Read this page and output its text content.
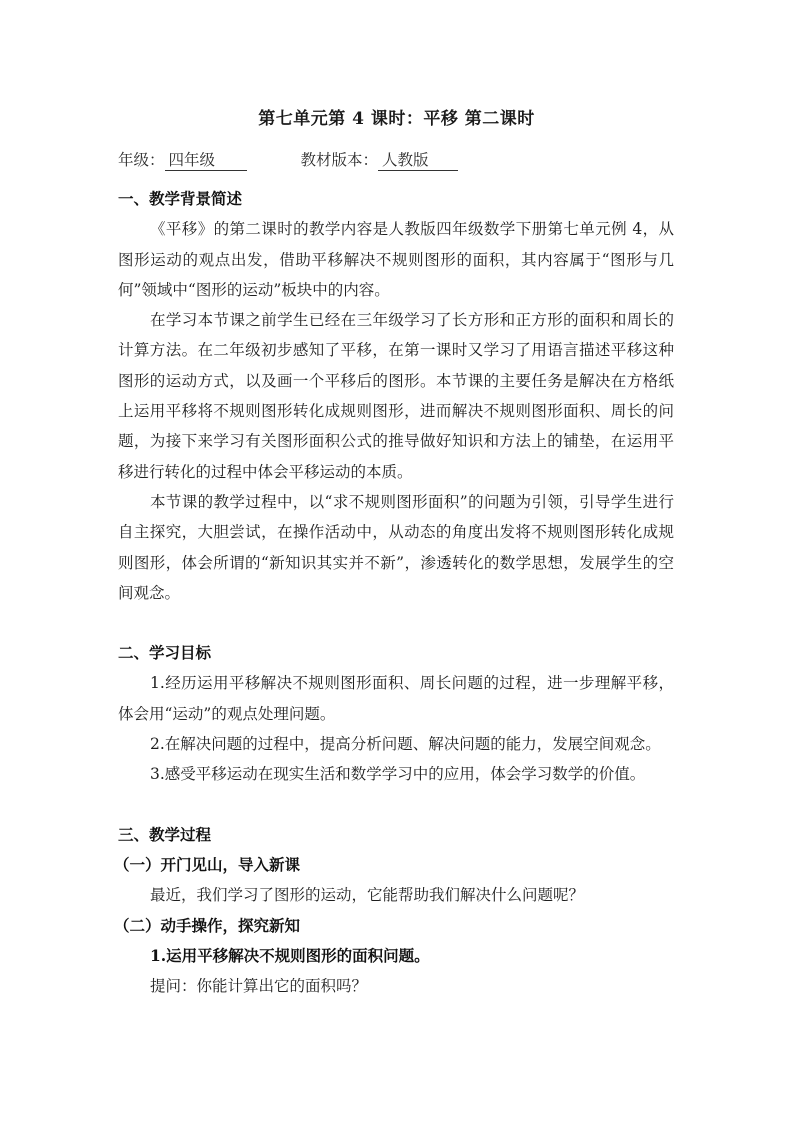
第七单元第 4 课时：平移 第二课时
年级： 四年级	教材版本： 人教版

一、教学背景简述

《平移》的第二课时的教学内容是人教版四年级数学下册第七单元例 4，从图形运动的观点出发，借助平移解决不规则图形的面积，其内容属于“图形与几何”领域中“图形的运动”板块中的内容。

在学习本节课之前学生已经在三年级学习了长方形和正方形的面积和周长的计算方法。在二年级初步感知了平移，在第一课时又学习了用语言描述平移这种图形的运动方式，以及画一个平移后的图形。本节课的主要任务是解决在方格纸上运用平移将不规则图形转化成规则图形，进而解决不规则图形面积、周长的问题，为接下来学习有关图形面积公式的推导做好知识和方法上的铺垫，在运用平移进行转化的过程中体会平移运动的本质。

本节课的教学过程中，以“求不规则图形面积”的问题为引领，引导学生进行自主探究，大胆尝试，在操作活动中，从动态的角度出发将不规则图形转化成规则图形，体会所谓的“新知识其实并不新”，渗透转化的数学思想，发展学生的空间观念。

二、学习目标

1.经历运用平移解决不规则图形面积、周长问题的过程，进一步理解平移，体会用“运动”的观点处理问题。

2.在解决问题的过程中，提高分析问题、解决问题的能力，发展空间观念。

3.感受平移运动在现实生活和数学学习中的应用，体会学习数学的价值。

三、教学过程

（一）开门见山，导入新课

最近，我们学习了图形的运动，它能帮助我们解决什么问题呢？

（二）动手操作，探究新知

1.运用平移解决不规则图形的面积问题。

提问：你能计算出它的面积吗？
